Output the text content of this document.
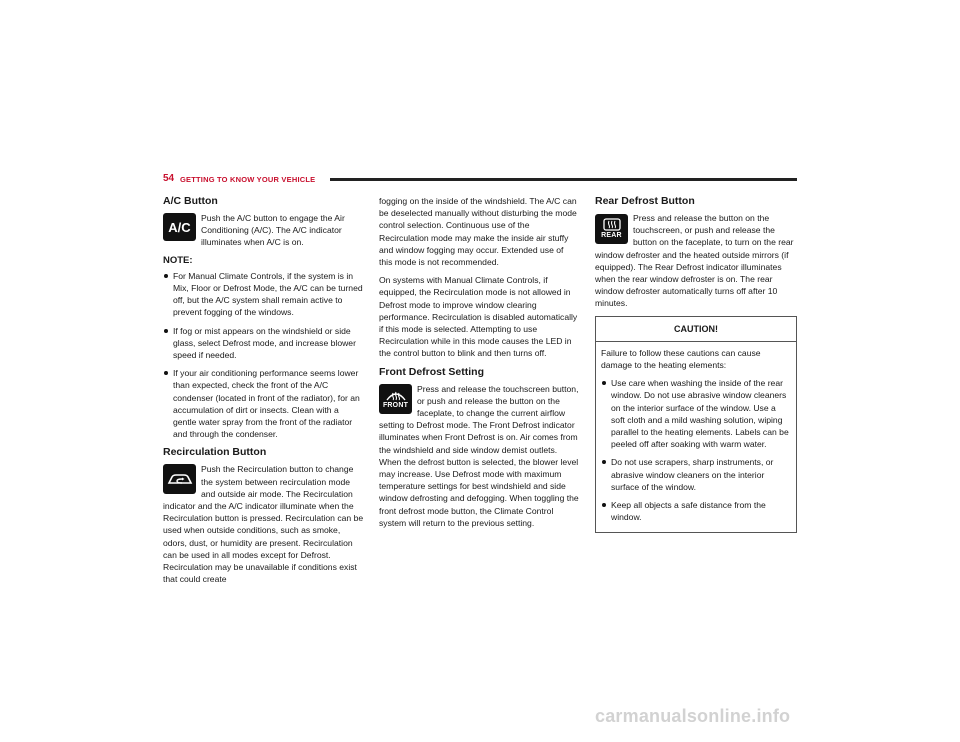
54 GETTING TO KNOW YOUR VEHICLE
A/C Button
A/C

Push the A/C button to engage the Air Conditioning (A/C). The A/C indicator illuminates when A/C is on.

NOTE:
For Manual Climate Controls, if the system is in Mix, Floor or Defrost Mode, the A/C can be turned off, but the A/C system shall remain active to prevent fogging of the windows.
If fog or mist appears on the windshield or side glass, select Defrost mode, and increase blower speed if needed.
If your air conditioning performance seems lower than expected, check the front of the A/C condenser (located in front of the radiator), for an accumulation of dirt or insects. Clean with a gentle water spray from the front of the radiator and through the condenser.
Recirculation Button

Push the Recirculation button to change the system between recirculation mode and outside air mode. The Recirculation indicator and the A/C indicator illuminate when the Recirculation button is pressed. Recirculation can be used when outside conditions, such as smoke, odors, dust, or humidity are present. Recirculation can be used in all modes except for Defrost. Recirculation may be unavailable if conditions exist that could create

fogging on the inside of the windshield. The A/C can be deselected manually without disturbing the mode control selection. Continuous use of the Recirculation mode may make the inside air stuffy and window fogging may occur. Extended use of this mode is not recommended.

On systems with Manual Climate Controls, if equipped, the Recirculation mode is not allowed in Defrost mode to improve window clearing performance. Recirculation is disabled automatically if this mode is selected. Attempting to use Recirculation while in this mode causes the LED in the control button to blink and then turns off.

Front Defrost Setting
FRONT

Press and release the touchscreen button, or push and release the button on the faceplate, to change the current airflow setting to Defrost mode. The Front Defrost indicator illuminates when Front Defrost is on. Air comes from the windshield and side window demist outlets. When the defrost button is selected, the blower level may increase. Use Defrost mode with maximum temperature settings for best windshield and side window defrosting and defogging. When toggling the front defrost mode button, the Climate Control system will return to the previous setting.

Rear Defrost Button
REAR

Press and release the button on the touchscreen, or push and release the button on the faceplate, to turn on the rear window defroster and the heated outside mirrors (if equipped). The Rear Defrost indicator illuminates when the rear window defroster is on. The rear window defroster automatically turns off after 10 minutes.

CAUTION!

Failure to follow these cautions can cause damage to the heating elements:

Use care when washing the inside of the rear window. Do not use abrasive window cleaners on the interior surface of the window. Use a soft cloth and a mild washing solution, wiping parallel to the heating elements. Labels can be peeled off after soaking with warm water.
Do not use scrapers, sharp instruments, or abrasive window cleaners on the interior surface of the window.
Keep all objects a safe distance from the window.
carmanualsonline.info
